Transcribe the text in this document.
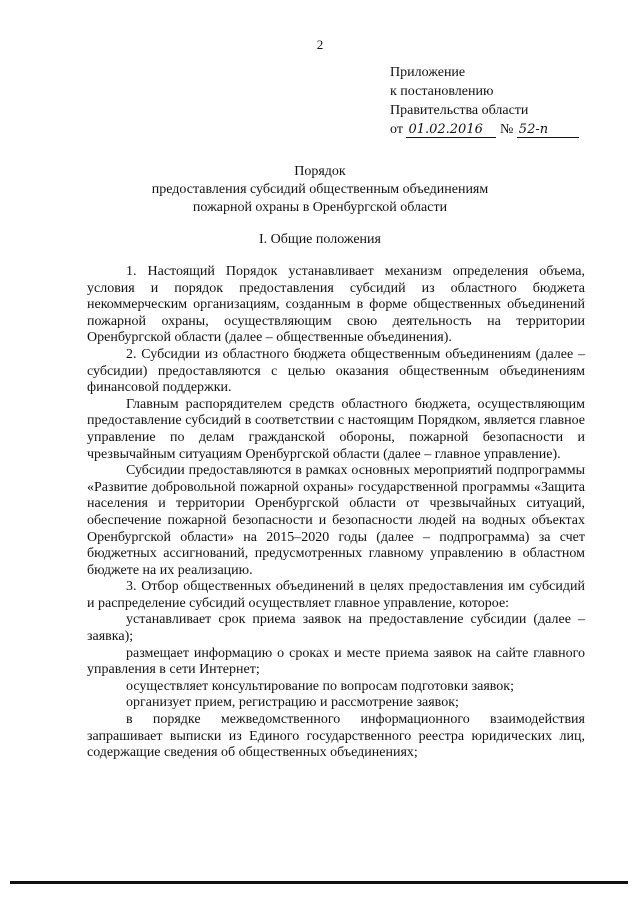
2
Приложение
к постановлению
Правительства области
от 01.02.2016 № 52-п
Порядок
предоставления субсидий общественным объединениям
пожарной охраны в Оренбургской области
I. Общие положения

1. Настоящий Порядок устанавливает механизм определения объема, условия и порядок предоставления субсидий из областного бюджета некоммерческим организациям, созданным в форме общественных объединений пожарной охраны, осуществляющим свою деятельность на территории Оренбургской области (далее – общественные объединения).

2. Субсидии из областного бюджета общественным объединениям (далее – субсидии) предоставляются с целью оказания общественным объединениям финансовой поддержки.

Главным распорядителем средств областного бюджета, осуществляющим предоставление субсидий в соответствии с настоящим Порядком, является главное управление по делам гражданской обороны, пожарной безопасности и чрезвычайным ситуациям Оренбургской области (далее – главное управление).

Субсидии предоставляются в рамках основных мероприятий подпрограммы «Развитие добровольной пожарной охраны» государственной программы «Защита населения и территории Оренбургской области от чрезвычайных ситуаций, обеспечение пожарной безопасности и безопасности людей на водных объектах Оренбургской области» на 2015–2020 годы (далее – подпрограмма) за счет бюджетных ассигнований, предусмотренных главному управлению в областном бюджете на их реализацию.

3. Отбор общественных объединений в целях предоставления им субсидий и распределение субсидий осуществляет главное управление, которое:

устанавливает срок приема заявок на предоставление субсидии (далее – заявка);

размещает информацию о сроках и месте приема заявок на сайте главного управления в сети Интернет;

осуществляет консультирование по вопросам подготовки заявок;

организует прием, регистрацию и рассмотрение заявок;

в порядке межведомственного информационного взаимодействия запрашивает выписки из Единого государственного реестра юридических лиц, содержащие сведения об общественных объединениях;
